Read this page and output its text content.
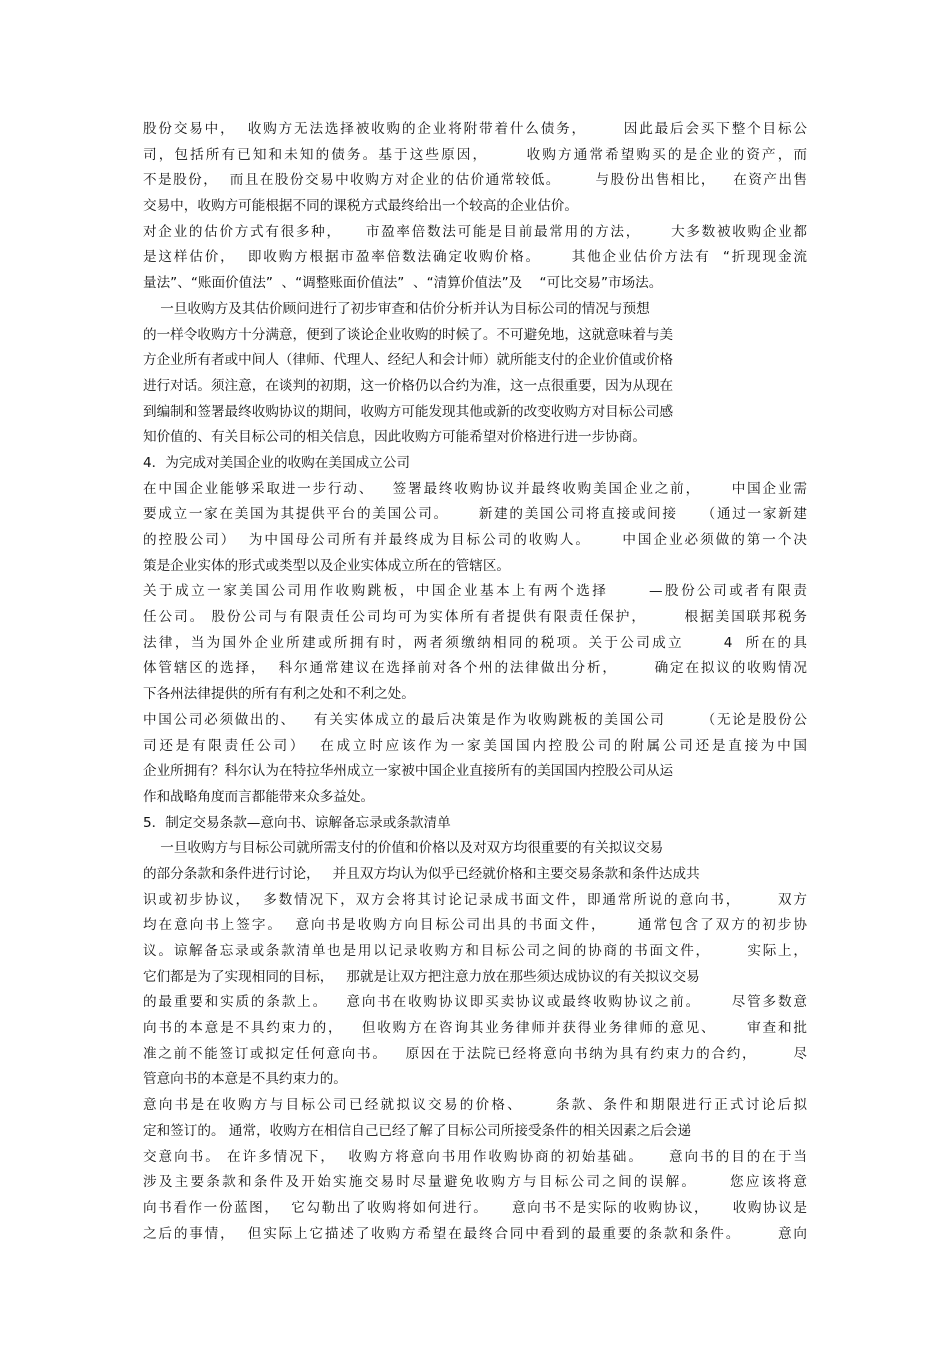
股份交易中，  收购方无法选择被收购的企业将附带着什么债务，      因此最后会买下整个目标公
司，包括所有已知和未知的债务。基于这些原因，      收购方通常希望购买的是企业的资产，而
不是股份，  而且在股份交易中收购方对企业的估价通常较低。      与股份出售相比，   在资产出售
交易中，收购方可能根据不同的课税方式最终给出一个较高的企业估价。
对企业的估价方式有很多种，    市盈率倍数法可能是目前最常用的方法，     大多数被收购企业都
是这样估价，  即收购方根据市盈率倍数法确定收购价格。     其他企业估价方法有  “折现现金流
量法”、“账面价值法”  、“调整账面价值法”  、“清算价值法”及    “可比交易”市场法。
一旦收购方及其估价顾问进行了初步审查和估价分析并认为目标公司的情况与预想
的一样令收购方十分满意，便到了谈论企业收购的时候了。不可避免地，这就意味着与美
方企业所有者或中间人（律师、代理人、经纪人和会计师）就所能支付的企业价值或价格
进行对话。须注意，在谈判的初期，这一价格仍以合约为准，这一点很重要，因为从现在
到编制和签署最终收购协议的期间，收购方可能发现其他或新的改变收购方对目标公司感
知价值的、有关目标公司的相关信息，因此收购方可能希望对价格进行进一步协商。
4．为完成对美国企业的收购在美国成立公司
在中国企业能够采取进一步行动、   签署最终收购协议并最终收购美国企业之前，     中国企业需
要成立一家在美国为其提供平台的美国公司。     新建的美国公司将直接或间接    （通过一家新建
的控股公司）  为中国母公司所有并最终成为目标公司的收购人。     中国企业必须做的第一个决
策是企业实体的形式或类型以及企业实体成立所在的管辖区。
关于成立一家美国公司用作收购跳板，中国企业基本上有两个选择      —股份公司或者有限责
任公司。 股份公司与有限责任公司均可为实体所有者提供有限责任保护，      根据美国联邦税务
法律，当为国外企业所建或所拥有时，两者须缴纳相同的税项。关于公司成立      4  所在的具
体管辖区的选择，  科尔通常建议在选择前对各个州的法律做出分析，      确定在拟议的收购情况
下各州法律提供的所有有利之处和不利之处。
中国公司必须做出的、   有关实体成立的最后决策是作为收购跳板的美国公司      （无论是股份公
司还是有限责任公司）  在成立时应该作为一家美国国内控股公司的附属公司还是直接为中国
企业所拥有？科尔认为在特拉华州成立一家被中国企业直接所有的美国国内控股公司从运
作和战略角度而言都能带来众多益处。
5．制定交易条款—意向书、谅解备忘录或条款清单
一旦收购方与目标公司就所需支付的价值和价格以及对双方均很重要的有关拟议交易
的部分条款和条件进行讨论，   并且双方均认为似乎已经就价格和主要交易条款和条件达成共
识或初步协议，  多数情况下，双方会将其讨论记录成书面文件，即通常所说的意向书，      双方
均在意向书上签字。  意向书是收购方向目标公司出具的书面文件，     通常包含了双方的初步协
议。谅解备忘录或条款清单也是用以记录收购方和目标公司之间的协商的书面文件，      实际上，
它们都是为了实现相同的目标，   那就是让双方把注意力放在那些须达成协议的有关拟议交易
的最重要和实质的条款上。   意向书在收购协议即买卖协议或最终收购协议之前。     尽管多数意
向书的本意是不具约束力的，   但收购方在咨询其业务律师并获得业务律师的意见、     审查和批
准之前不能签订或拟定任何意向书。   原因在于法院已经将意向书纳为具有约束力的合约，      尽
管意向书的本意是不具约束力的。
意向书是在收购方与目标公司已经就拟议交易的价格、     条款、条件和期限进行正式讨论后拟
定和签订的。 通常，收购方在相信自己已经了解了目标公司所接受条件的相关因素之后会递
交意向书。 在许多情况下，  收购方将意向书用作收购协商的初始基础。    意向书的目的在于当
涉及主要条款和条件及开始实施交易时尽量避免收购方与目标公司之间的误解。     您应该将意
向书看作一份蓝图，  它勾勒出了收购将如何进行。    意向书不是实际的收购协议，    收购协议是
之后的事情，  但实际上它描述了收购方希望在最终合同中看到的最重要的条款和条件。      意向
